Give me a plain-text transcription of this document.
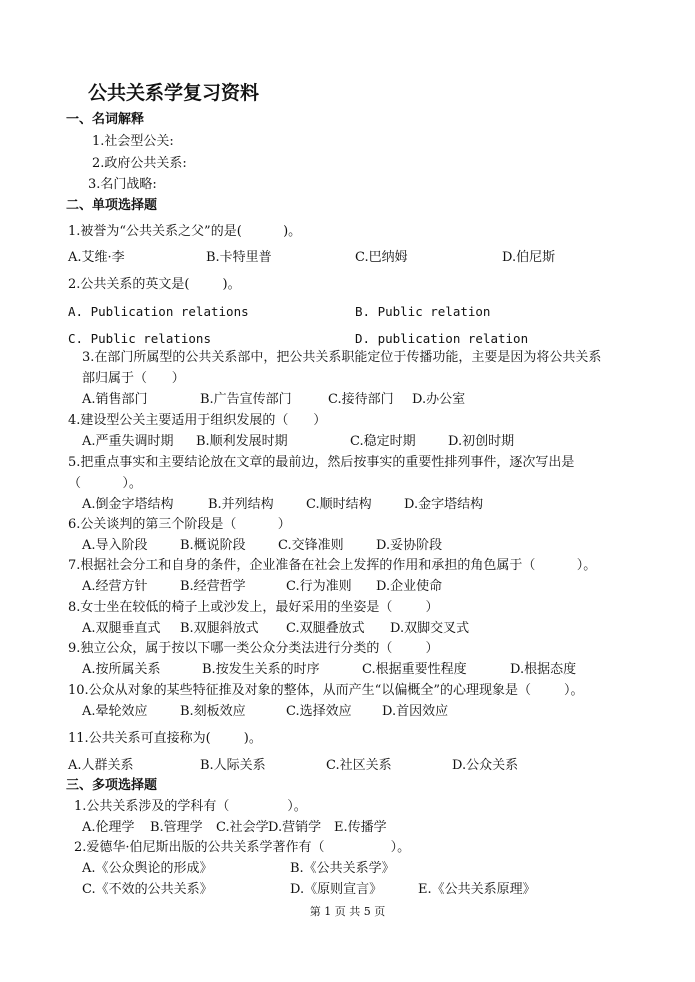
公共关系学复习资料
一、名词解释
1.社会型公关:
2.政府公共关系:
3.名门战略:
二、单项选择题
1.被誉为“公共关系之父”的是(          )。
A.艾维·李	B.卡特里普	C.巴纳姆	D.伯尼斯
2.公共关系的英文是(        )。
A. Publication relations	B. Public relation
C. Public relations	D. publication relation
3.在部门所属型的公共关系部中，把公共关系职能定位于传播功能，主要是因为将公共关系
部归属于（      ）
A.销售部门	B.广告宣传部门	C.接待部门 D.办公室
4.建设型公关主要适用于组织发展的（      ）
A.严重失调时期 B.顺利发展时期	C.稳定时期 D.初创时期
5.把重点事实和主要结论放在文章的最前边，然后按事实的重要性排列事件，逐次写出是
（          ）。
A.倒金字塔结构	B.并列结构 C.顺时结构 D.金字塔结构
6.公关谈判的第三个阶段是（          ）
A.导入阶段 B.概说阶段 C.交锋准则 D.妥协阶段
7.根据社会分工和自身的条件，企业准备在社会上发挥的作用和承担的角色属于（          ）。
A.经营方针 B.经营哲学	C.行为准则 D.企业使命
8.女士坐在较低的椅子上或沙发上，最好采用的坐姿是（        ）
A.双腿垂直式 B.双腿斜放式 C.双腿叠放式 D.双脚交叉式
9.独立公众，属于按以下哪一类公众分类法进行分类的（        ）
A.按所属关系	B.按发生关系的时序	C.根据重要性程度	D.根据态度
10.公众从对象的某些特征推及对象的整体，从而产生“以偏概全”的心理现象是（        ）。
A.晕轮效应 B.刻板效应	C.选择效应 D.首因效应
11.公共关系可直接称为(        )。
A.人群关系	B.人际关系	C.社区关系	D.公众关系
三、多项选择题
1.公共关系涉及的学科有（              ）。
A.伦理学 B.管理学 C.社会学 D.营销学 E.传播学
2.爱德华·伯尼斯出版的公共关系学著作有（                ）。
A.《公众舆论的形成》	B.《公共关系学》
C.《不效的公共关系》	D.《原则宣言》	E.《公共关系原理》
第 1 页 共 5 页
